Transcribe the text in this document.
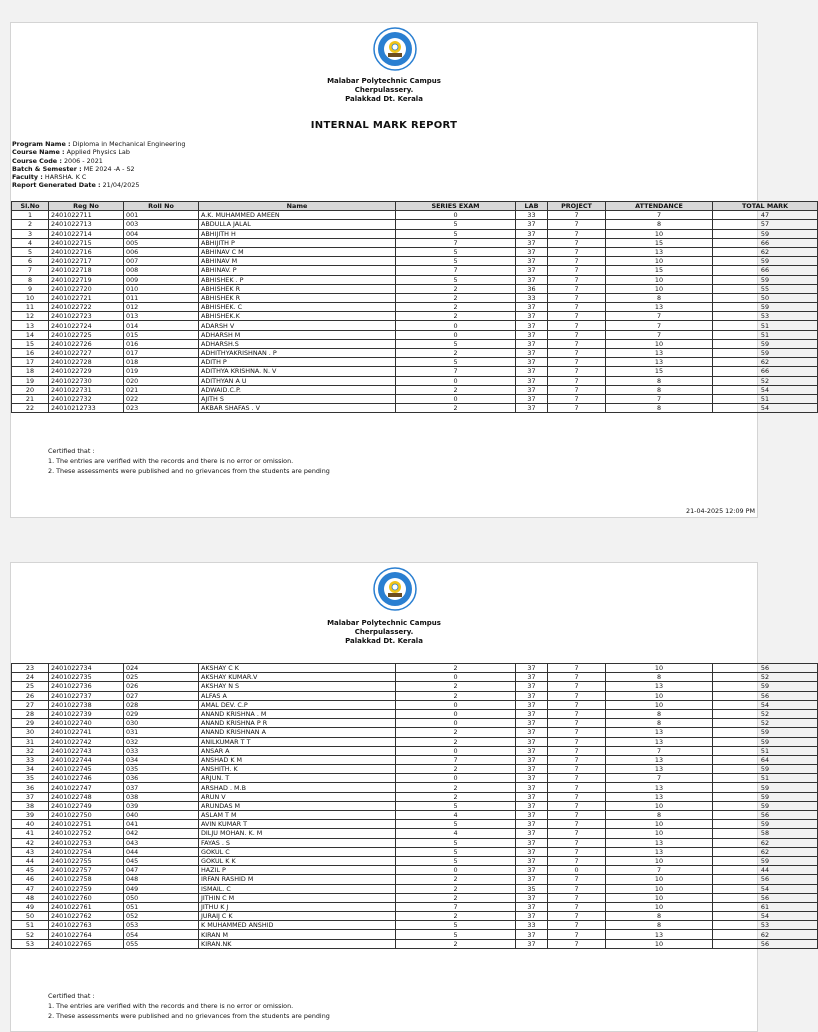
Malabar Polytechnic Campus
Cherpulassery.
Palakkad Dt. Kerala
INTERNAL MARK REPORT
Program Name : Diploma in Mechanical Engineering
Course Name : Applied Physics Lab
Course Code : 2006 - 2021
Batch & Semester : ME 2024 -A - S2
Faculty : HARSHA. K C
Report Generated Date : 21/04/2025
Sl.No	Reg No	Roll No	Name	SERIES EXAM	LAB	PROJECT	ATTENDANCE	TOTAL MARK
1	2401022711	001	A.K. MUHAMMED AMEEN	0	33	7	7	47
2	2401022713	003	ABDULLA JALAL	5	37	7	8	57
3	2401022714	004	ABHIJITH H	5	37	7	10	59
4	2401022715	005	ABHIJITH P	7	37	7	15	66
5	2401022716	006	ABHINAV C M	5	37	7	13	62
6	2401022717	007	ABHINAV M	5	37	7	10	59
7	2401022718	008	ABHINAV. P	7	37	7	15	66
8	2401022719	009	ABHISHEK . P	5	37	7	10	59
9	2401022720	010	ABHISHEK R	2	36	7	10	55
10	2401022721	011	ABHISHEK R	2	33	7	8	50
11	2401022722	012	ABHISHEK. C	2	37	7	13	59
12	2401022723	013	ABHISHEK.K	2	37	7	7	53
13	2401022724	014	ADARSH V	0	37	7	7	51
14	2401022725	015	ADHARSH M	0	37	7	7	51
15	2401022726	016	ADHARSH.S	5	37	7	10	59
16	2401022727	017	ADHITHYAKRISHNAN . P	2	37	7	13	59
17	2401022728	018	ADITH P	5	37	7	13	62
18	2401022729	019	ADITHYA KRISHNA. N. V	7	37	7	15	66
19	2401022730	020	ADITHYAN A U	0	37	7	8	52
20	2401022731	021	ADWAID.C.P.	2	37	7	8	54
21	2401022732	022	AJITH S	0	37	7	7	51
22	24010212733	023	AKBAR SHAFAS . V	2	37	7	8	54
Certified that :
1. The entries are verified with the records and there is no error or omission.
2. These assessments were published and no grievances from the students are pending
21-04-2025 12:09 PM
Malabar Polytechnic Campus
Cherpulassery.
Palakkad Dt. Kerala
23	2401022734	024	AKSHAY C K	2	37	7	10	56
24	2401022735	025	AKSHAY KUMAR.V	0	37	7	8	52
25	2401022736	026	AKSHAY N S	2	37	7	13	59
26	2401022737	027	ALFAS A	2	37	7	10	56
27	2401022738	028	AMAL DEV. C.P	0	37	7	10	54
28	2401022739	029	ANAND KRISHNA . M	0	37	7	8	52
29	2401022740	030	ANAND KRISHNA P R	0	37	7	8	52
30	2401022741	031	ANAND KRISHNAN A	2	37	7	13	59
31	2401022742	032	ANILKUMAR T T	2	37	7	13	59
32	2401022743	033	ANSAR A	0	37	7	7	51
33	2401022744	034	ANSHAD K M	7	37	7	13	64
34	2401022745	035	ANSHITH. K	2	37	7	13	59
35	2401022746	036	ARJUN. T	0	37	7	7	51
36	2401022747	037	ARSHAD . M.B	2	37	7	13	59
37	2401022748	038	ARUN V	2	37	7	13	59
38	2401022749	039	ARUNDAS M	5	37	7	10	59
39	2401022750	040	ASLAM T M	4	37	7	8	56
40	2401022751	041	AVIN KUMAR T	5	37	7	10	59
41	2401022752	042	DILJU MOHAN. K. M	4	37	7	10	58
42	2401022753	043	FAYAS . S	5	37	7	13	62
43	2401022754	044	GOKUL C	5	37	7	13	62
44	2401022755	045	GOKUL K K	5	37	7	10	59
45	2401022757	047	HAZIL P	0	37	0	7	44
46	2401022758	048	IRFAN RASHID M	2	37	7	10	56
47	2401022759	049	ISMAIL. C	2	35	7	10	54
48	2401022760	050	JITHIN C M	2	37	7	10	56
49	2401022761	051	JITHU K J	7	37	7	10	61
50	2401022762	052	JURAIJ C K	2	37	7	8	54
51	2401022763	053	K MUHAMMED ANSHID	5	33	7	8	53
52	2401022764	054	KIRAN M	5	37	7	13	62
53	2401022765	055	KIRAN.NK	2	37	7	10	56
Certified that :
1. The entries are verified with the records and there is no error or omission.
2. These assessments were published and no grievances from the students are pending
